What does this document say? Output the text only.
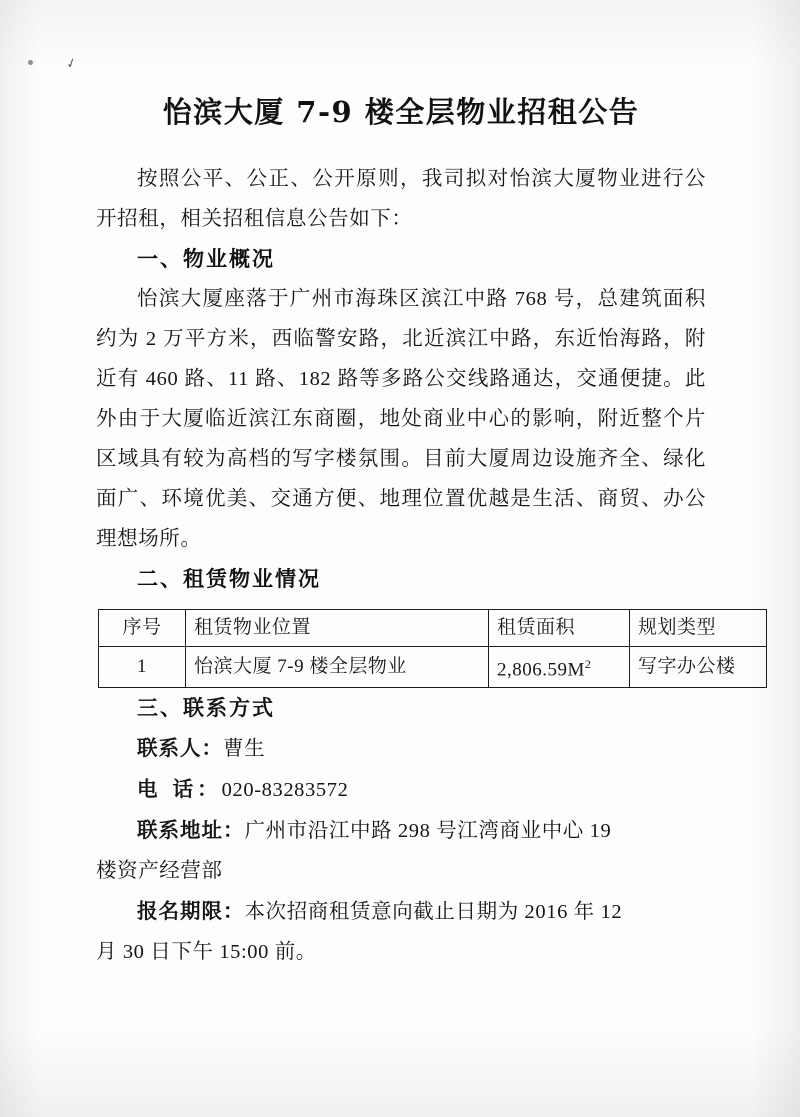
✓
怡滨大厦 7-9 楼全层物业招租公告

按照公平、公正、公开原则，我司拟对怡滨大厦物业进行公开招租，相关招租信息公告如下：

一、物业概况

怡滨大厦座落于广州市海珠区滨江中路 768 号，总建筑面积约为 2 万平方米，西临警安路，北近滨江中路，东近怡海路，附近有 460 路、11 路、182 路等多路公交线路通达，交通便捷。此外由于大厦临近滨江东商圈，地处商业中心的影响，附近整个片区域具有较为高档的写字楼氛围。目前大厦周边设施齐全、绿化面广、环境优美、交通方便、地理位置优越是生活、商贸、办公理想场所。

二、租赁物业情况
序号	租赁物业位置	租赁面积	规划类型
1	怡滨大厦 7-9 楼全层物业	$2,806.59M^2$	写字办公楼
三、联系方式

联系人：曹生

电 话：020-83283572

联系地址：广州市沿江中路 298 号江湾商业中心 19

楼资产经营部

报名期限：本次招商租赁意向截止日期为 2016 年 12

月 30 日下午 15:00 前。
